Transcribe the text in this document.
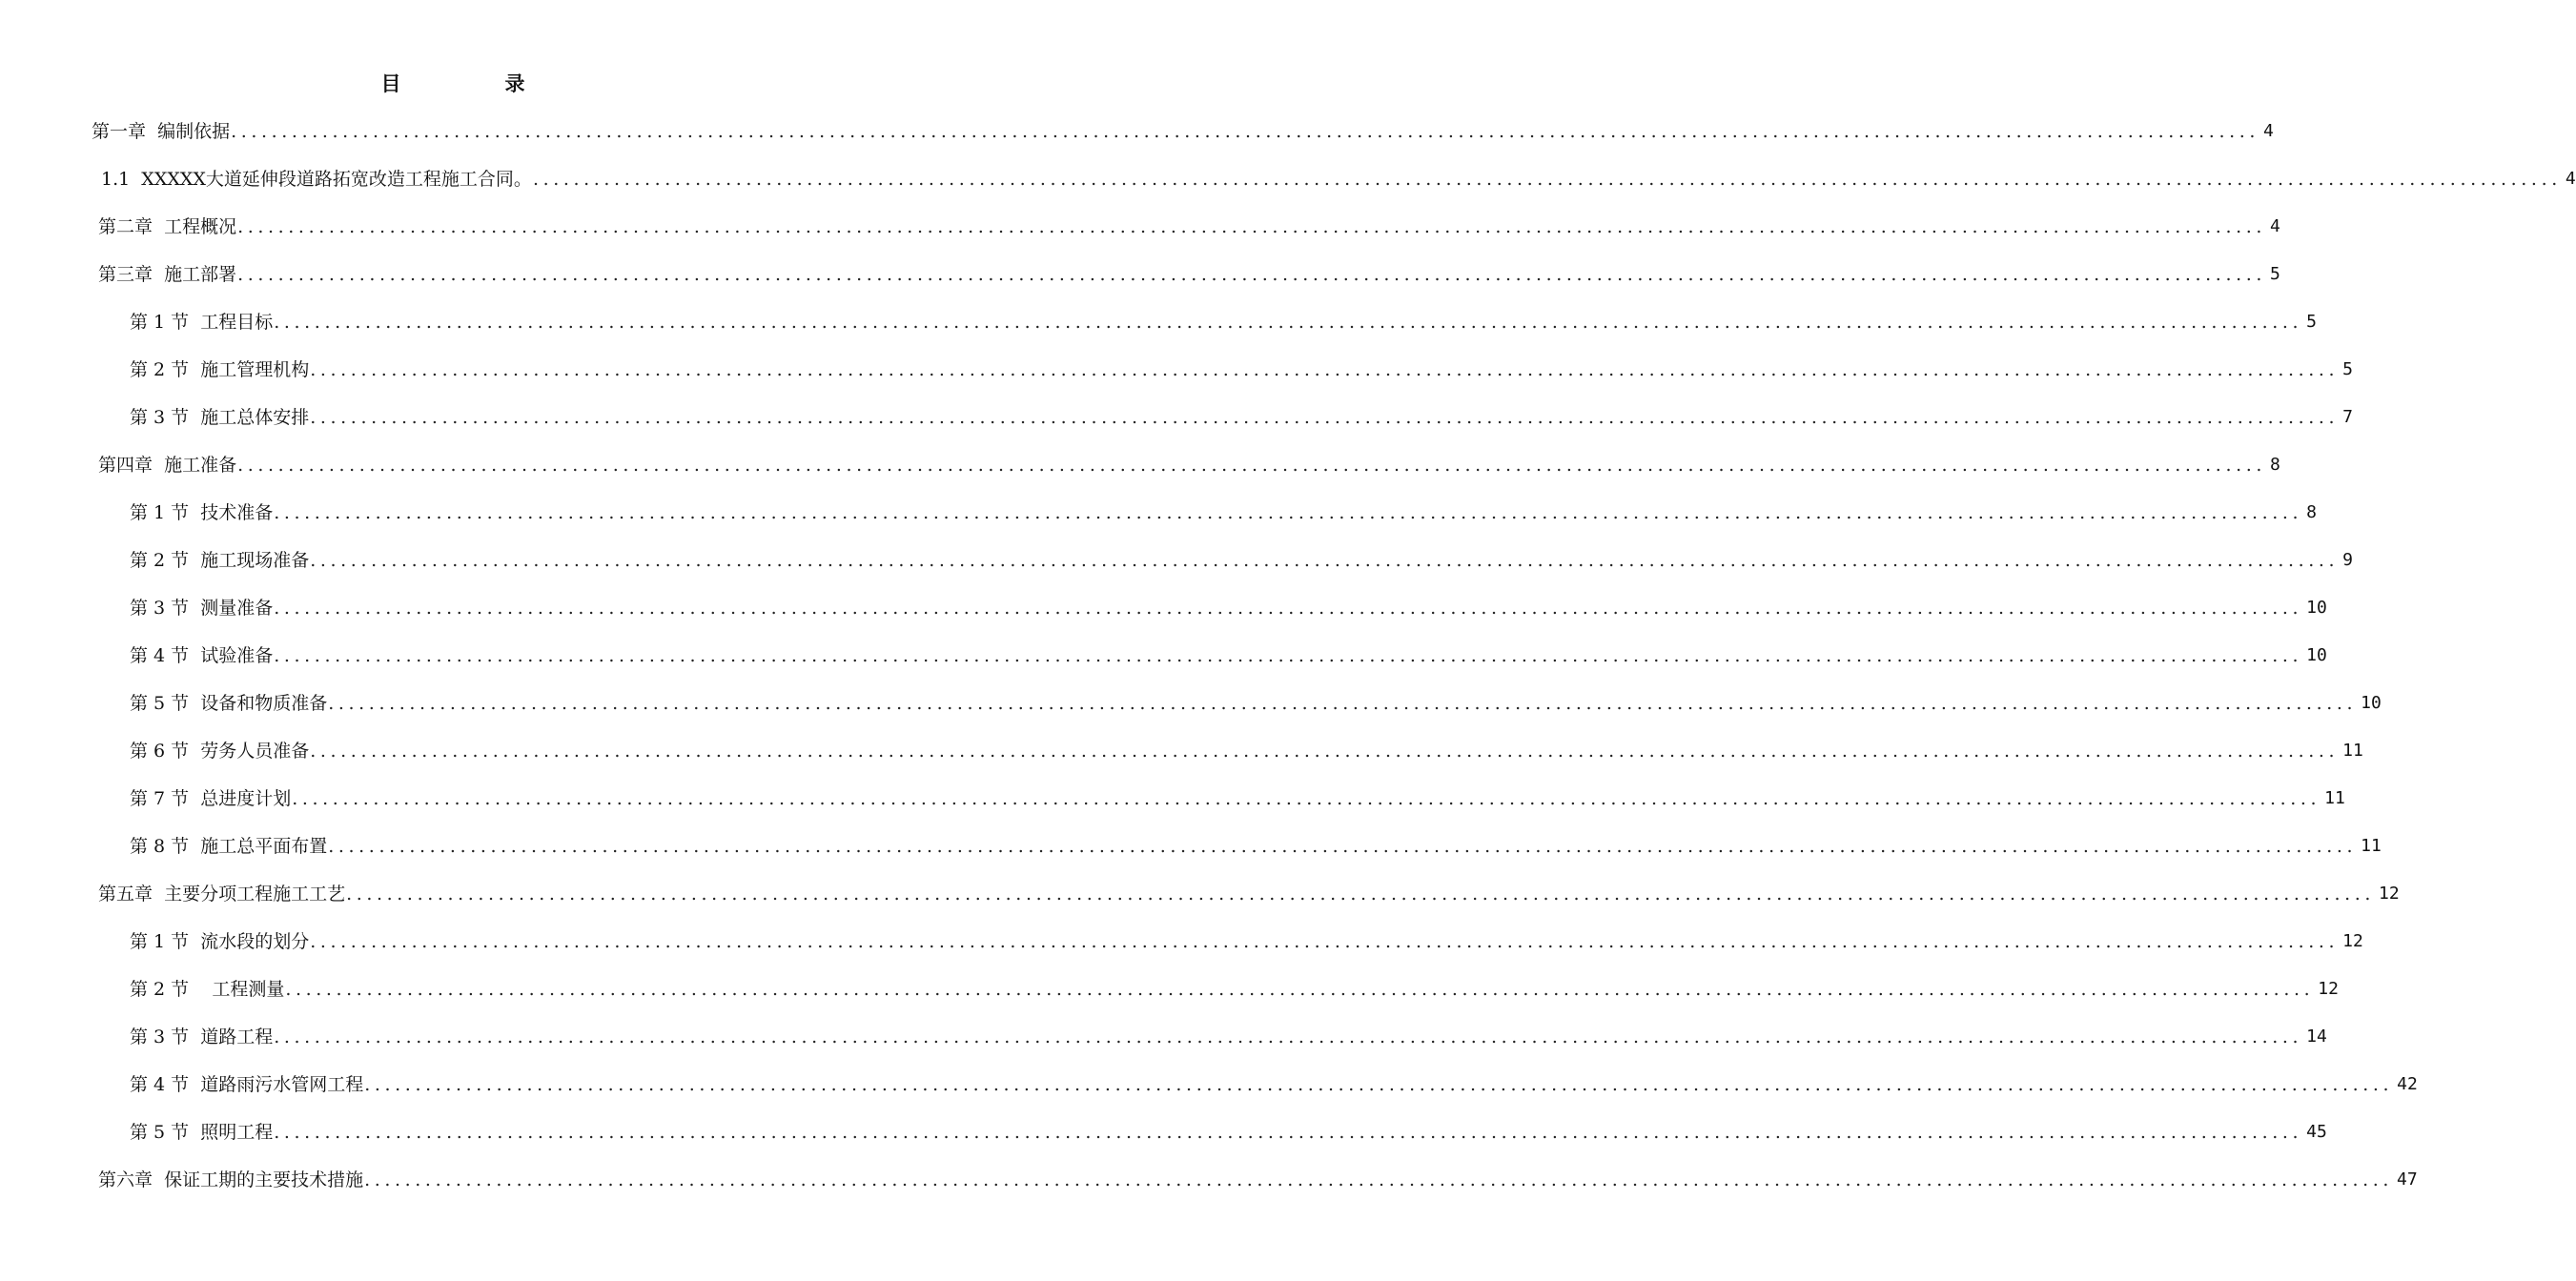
目　录
第一章  编制依据 ........................................................................................................................................................................................................ 4
1.1  XXXXX大道延伸段道路拓宽改造工程施工合同。 ........................................................................................................................................................................................................ 4
第二章  工程概况 ........................................................................................................................................................................................................ 4
第三章  施工部署 ........................................................................................................................................................................................................ 5
第 1 节  工程目标 ........................................................................................................................................................................................................ 5
第 2 节  施工管理机构 ........................................................................................................................................................................................................ 5
第 3 节  施工总体安排 ........................................................................................................................................................................................................ 7
第四章  施工准备 ........................................................................................................................................................................................................ 8
第 1 节  技术准备 ........................................................................................................................................................................................................ 8
第 2 节  施工现场准备 ........................................................................................................................................................................................................ 9
第 3 节  测量准备 ........................................................................................................................................................................................................ 10
第 4 节  试验准备 ........................................................................................................................................................................................................ 10
第 5 节  设备和物质准备 ........................................................................................................................................................................................................ 10
第 6 节  劳务人员准备 ........................................................................................................................................................................................................ 11
第 7 节  总进度计划 ........................................................................................................................................................................................................ 11
第 8 节  施工总平面布置 ........................................................................................................................................................................................................ 11
第五章  主要分项工程施工工艺 ........................................................................................................................................................................................................ 12
第 1 节  流水段的划分 ........................................................................................................................................................................................................ 12
第 2 节    工程测量 ........................................................................................................................................................................................................ 12
第 3 节  道路工程 ........................................................................................................................................................................................................ 14
第 4 节  道路雨污水管网工程 ........................................................................................................................................................................................................ 42
第 5 节  照明工程 ........................................................................................................................................................................................................ 45
第六章  保证工期的主要技术措施 ........................................................................................................................................................................................................ 47
